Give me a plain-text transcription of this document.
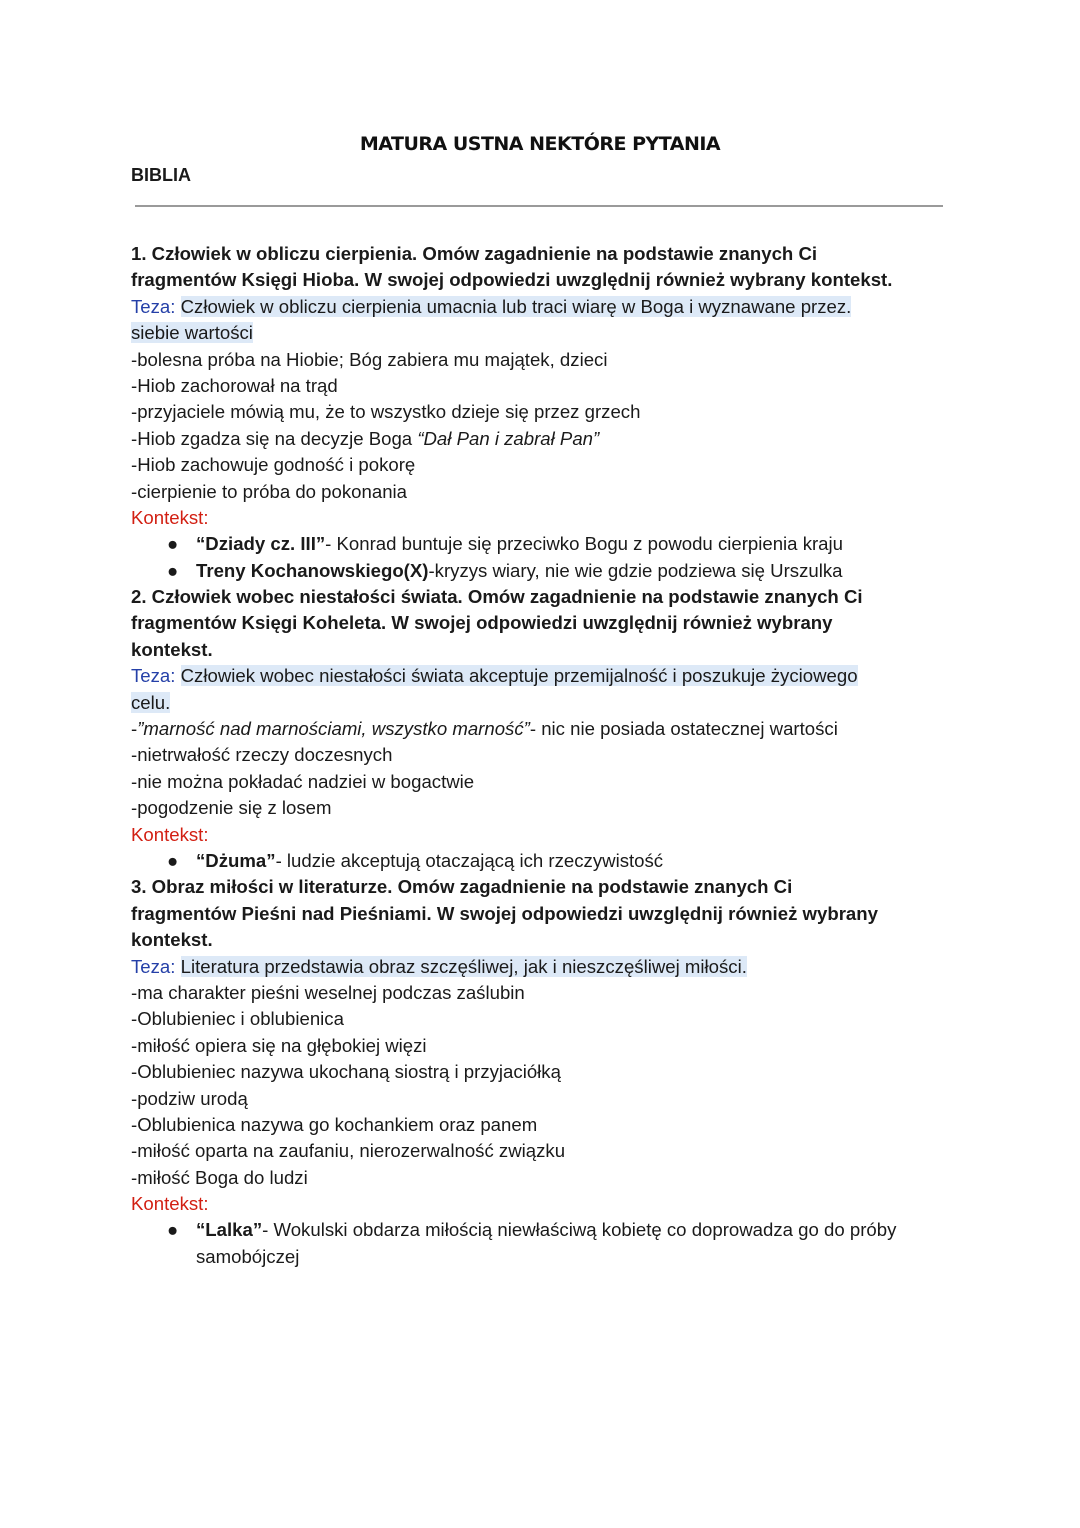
MATURA USTNA NEKTÓRE PYTANIA
BIBLIA
1. Człowiek w obliczu cierpienia. Omów zagadnienie na podstawie znanych Ci
fragmentów Księgi Hioba. W swojej odpowiedzi uwzględnij również wybrany kontekst.
Teza: Człowiek w obliczu cierpienia umacnia lub traci wiarę w Boga i wyznawane przez.
siebie wartości
-bolesna próba na Hiobie; Bóg zabiera mu majątek, dzieci
-Hiob zachorował na trąd
-przyjaciele mówią mu, że to wszystko dzieje się przez grzech
-Hiob zgadza się na decyzje Boga “Dał Pan i zabrał Pan”
-Hiob zachowuje godność i pokorę
-cierpienie to próba do pokonania
Kontekst:
● “Dziady cz. III”- Konrad buntuje się przeciwko Bogu z powodu cierpienia kraju
● Treny Kochanowskiego(X)-kryzys wiary, nie wie gdzie podziewa się Urszulka
2. Człowiek wobec niestałości świata. Omów zagadnienie na podstawie znanych Ci
fragmentów Księgi Koheleta. W swojej odpowiedzi uwzględnij również wybrany
kontekst.
Teza: Człowiek wobec niestałości świata akceptuje przemijalność i poszukuje życiowego
celu.
-”marność nad marnościami, wszystko marność”- nic nie posiada ostatecznej wartości
-nietrwałość rzeczy doczesnych
-nie można pokładać nadziei w bogactwie
-pogodzenie się z losem
Kontekst:
● “Dżuma”- ludzie akceptują otaczającą ich rzeczywistość
3. Obraz miłości w literaturze. Omów zagadnienie na podstawie znanych Ci
fragmentów Pieśni nad Pieśniami. W swojej odpowiedzi uwzględnij również wybrany
kontekst.
Teza: Literatura przedstawia obraz szczęśliwej, jak i nieszczęśliwej miłości.
-ma charakter pieśni weselnej podczas zaślubin
-Oblubieniec i oblubienica
-miłość opiera się na głębokiej więzi
-Oblubieniec nazywa ukochaną siostrą i przyjaciółką
-podziw urodą
-Oblubienica nazywa go kochankiem oraz panem
-miłość oparta na zaufaniu, nierozerwalność związku
-miłość Boga do ludzi
Kontekst:
● “Lalka”- Wokulski obdarza miłością niewłaściwą kobietę co doprowadza go do próby
samobójczej
